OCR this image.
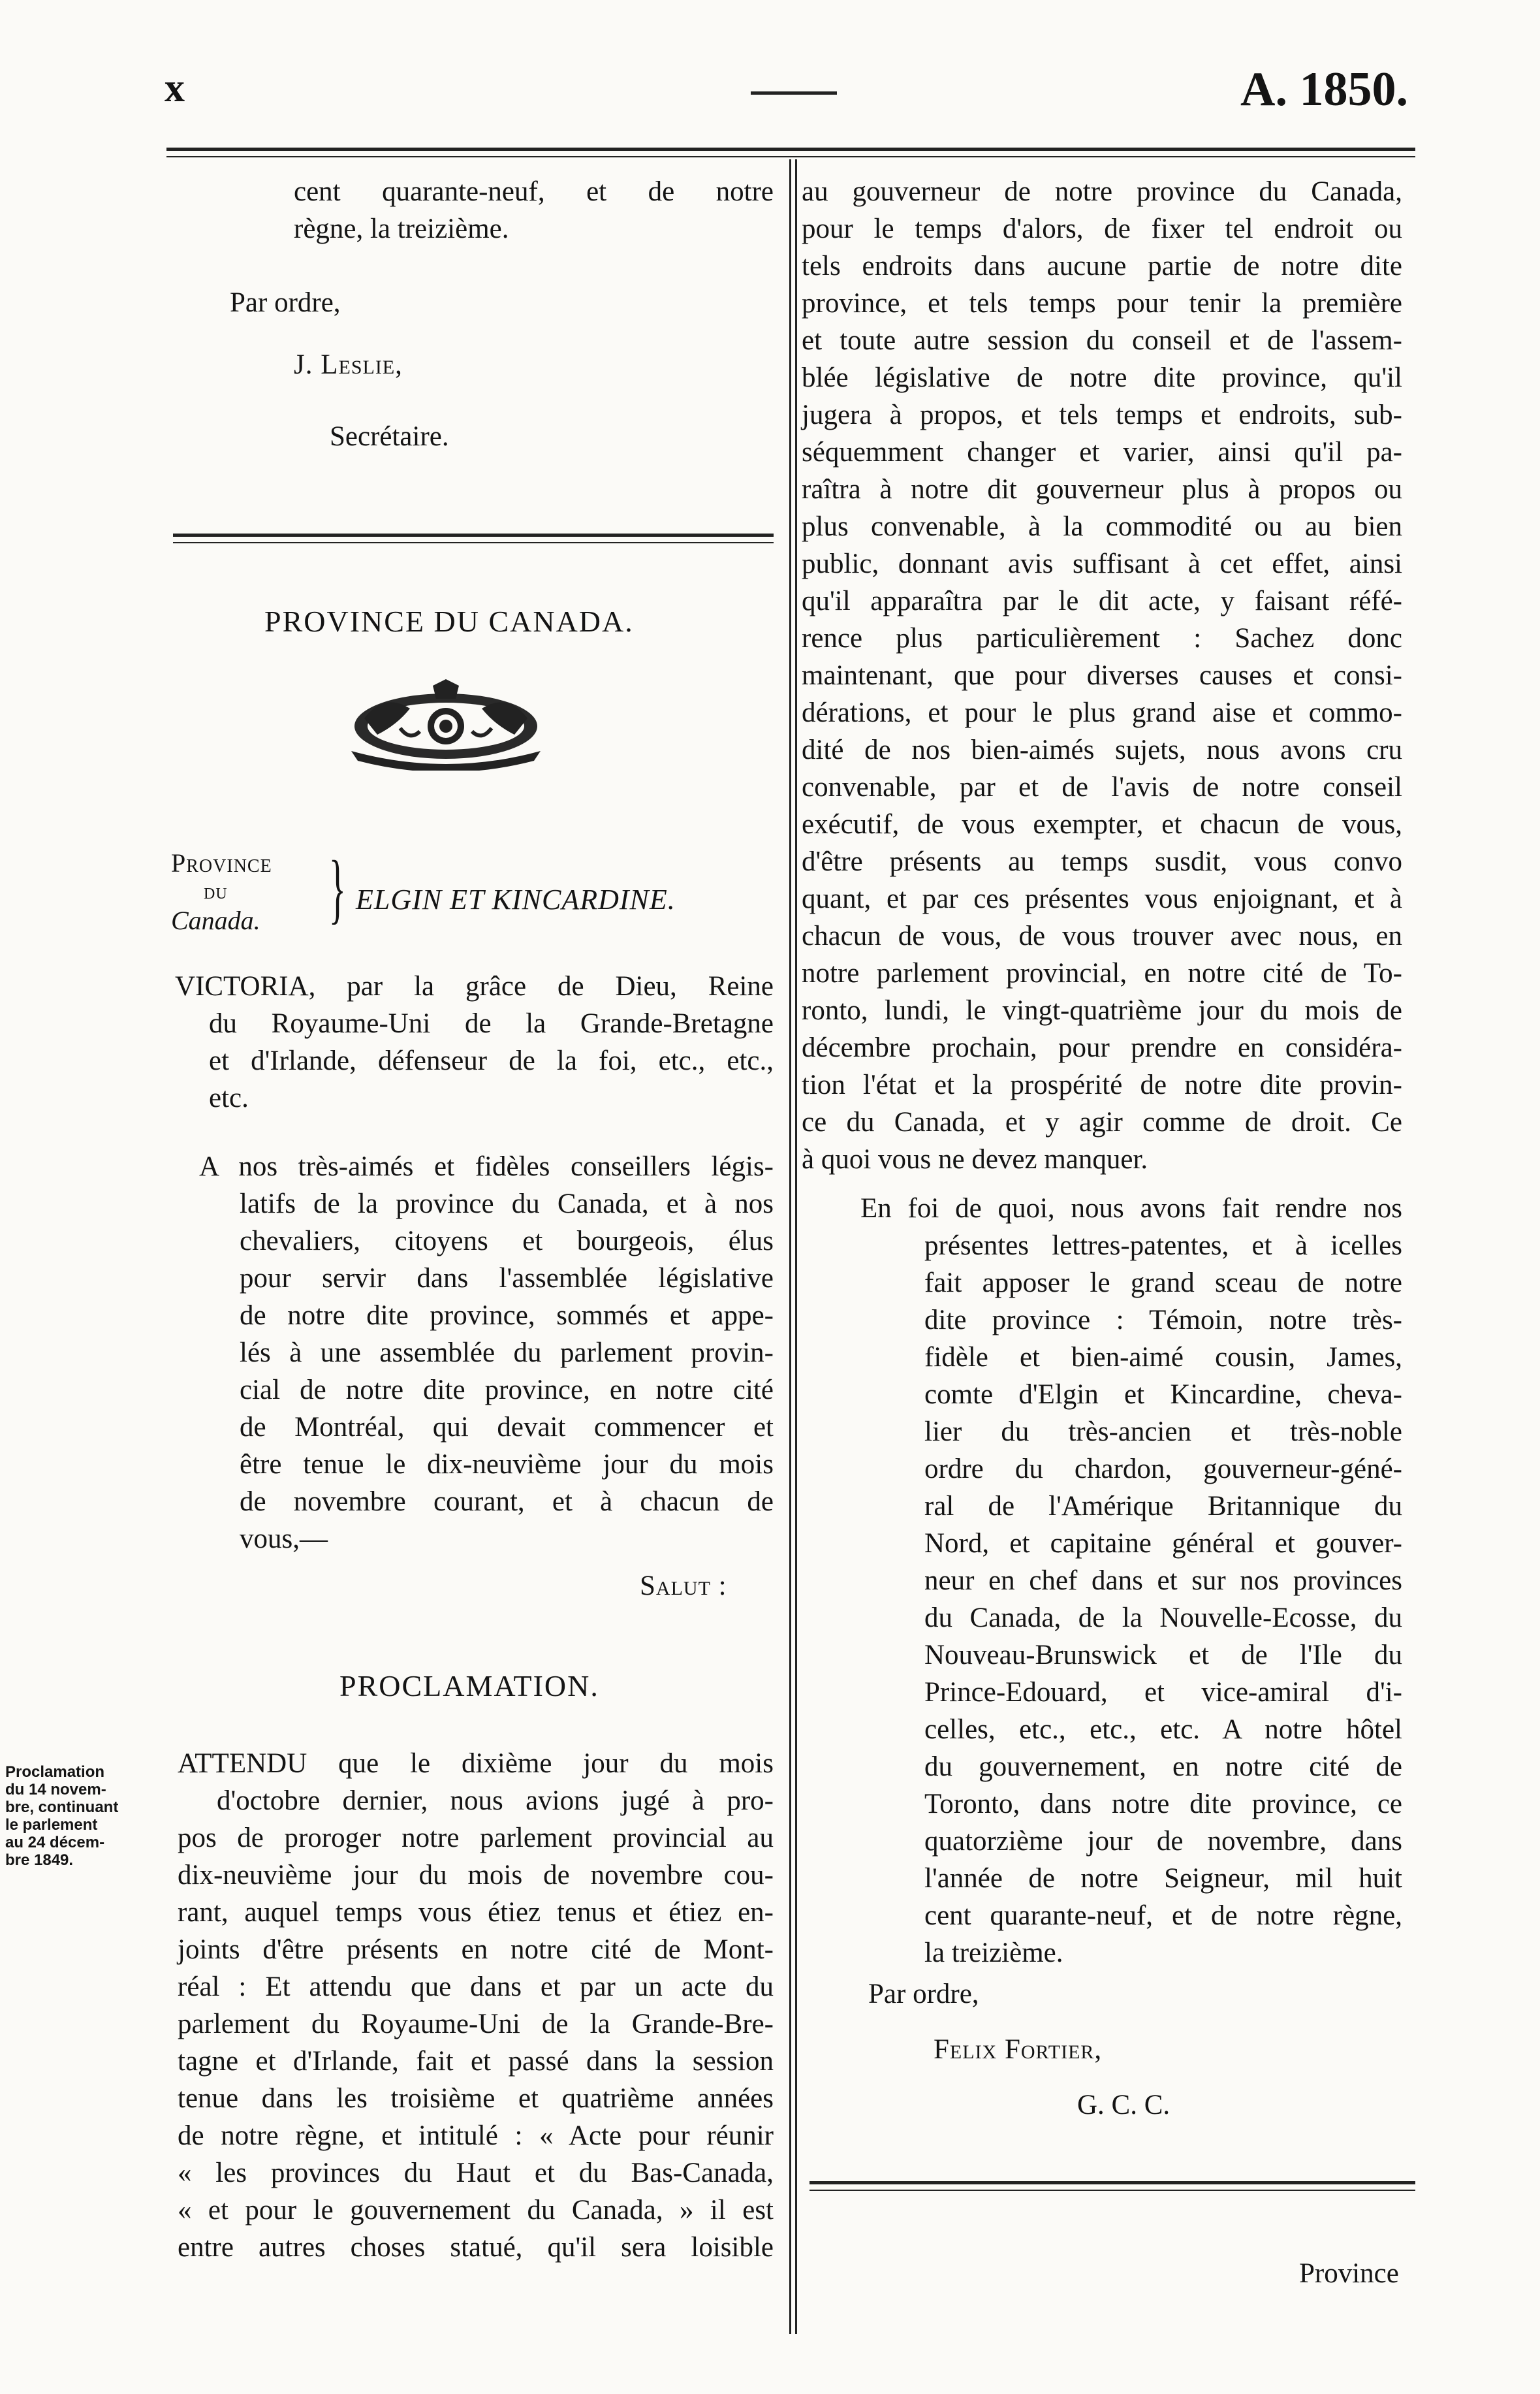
x	A. 1850.
cent quarante-neuf, et de notre
règne, la treizième.
Par ordre,
J. Leslie,
Secrétaire.
PROVINCE DU CANADA.
Province
du
Canada. } ELGIN ET KINCARDINE.
VICTORIA, par la grâce de Dieu, Reine
du Royaume-Uni de la Grande-Bretagne
et d'Irlande, défenseur de la foi, etc., etc.,
etc.
A nos très-aimés et fidèles conseillers légis-
latifs de la province du Canada, et à nos
chevaliers, citoyens et bourgeois, élus
pour servir dans l'assemblée législative
de notre dite province, sommés et appe-
lés à une assemblée du parlement provin-
cial de notre dite province, en notre cité
de Montréal, qui devait commencer et
être tenue le dix-neuvième jour du mois
de novembre courant, et à chacun de
vous,—
Salut :
PROCLAMATION.
Proclamation
du 14 novem-
bre, continuant
le parlement
au 24 décem-
bre 1849.
ATTENDU que le dixième jour du mois
d'octobre dernier, nous avions jugé à pro-
pos de proroger notre parlement provincial au
dix-neuvième jour du mois de novembre cou-
rant, auquel temps vous étiez tenus et étiez en-
joints d'être présents en notre cité de Mont-
réal : Et attendu que dans et par un acte du
parlement du Royaume-Uni de la Grande-Bre-
tagne et d'Irlande, fait et passé dans la session
tenue dans les troisième et quatrième années
de notre règne, et intitulé : « Acte pour réunir
« les provinces du Haut et du Bas-Canada,
« et pour le gouvernement du Canada, » il est
entre autres choses statué, qu'il sera loisible
au gouverneur de notre province du Canada,
pour le temps d'alors, de fixer tel endroit ou
tels endroits dans aucune partie de notre dite
province, et tels temps pour tenir la première
et toute autre session du conseil et de l'assem-
blée législative de notre dite province, qu'il
jugera à propos, et tels temps et endroits, sub-
séquemment changer et varier, ainsi qu'il pa-
raîtra à notre dit gouverneur plus à propos ou
plus convenable, à la commodité ou au bien
public, donnant avis suffisant à cet effet, ainsi
qu'il apparaîtra par le dit acte, y faisant réfé-
rence plus particulièrement : Sachez donc
maintenant, que pour diverses causes et consi-
dérations, et pour le plus grand aise et commo-
dité de nos bien-aimés sujets, nous avons cru
convenable, par et de l'avis de notre conseil
exécutif, de vous exempter, et chacun de vous,
d'être présents au temps susdit, vous convo
quant, et par ces présentes vous enjoignant, et à
chacun de vous, de vous trouver avec nous, en
notre parlement provincial, en notre cité de To-
ronto, lundi, le vingt-quatrième jour du mois de
décembre prochain, pour prendre en considéra-
tion l'état et la prospérité de notre dite provin-
ce du Canada, et y agir comme de droit. Ce
à quoi vous ne devez manquer.
En foi de quoi, nous avons fait rendre nos
présentes lettres-patentes, et à icelles
fait apposer le grand sceau de notre
dite province : Témoin, notre très-
fidèle et bien-aimé cousin, James,
comte d'Elgin et Kincardine, cheva-
lier du très-ancien et très-noble
ordre du chardon, gouverneur-géné-
ral de l'Amérique Britannique du
Nord, et capitaine général et gouver-
neur en chef dans et sur nos provinces
du Canada, de la Nouvelle-Ecosse, du
Nouveau-Brunswick et de l'Ile du
Prince-Edouard, et vice-amiral d'i-
celles, etc., etc., etc. A notre hôtel
du gouvernement, en notre cité de
Toronto, dans notre dite province, ce
quatorzième jour de novembre, dans
l'année de notre Seigneur, mil huit
cent quarante-neuf, et de notre règne,
la treizième.
Par ordre,
Felix Fortier,
G. C. C.
Province
